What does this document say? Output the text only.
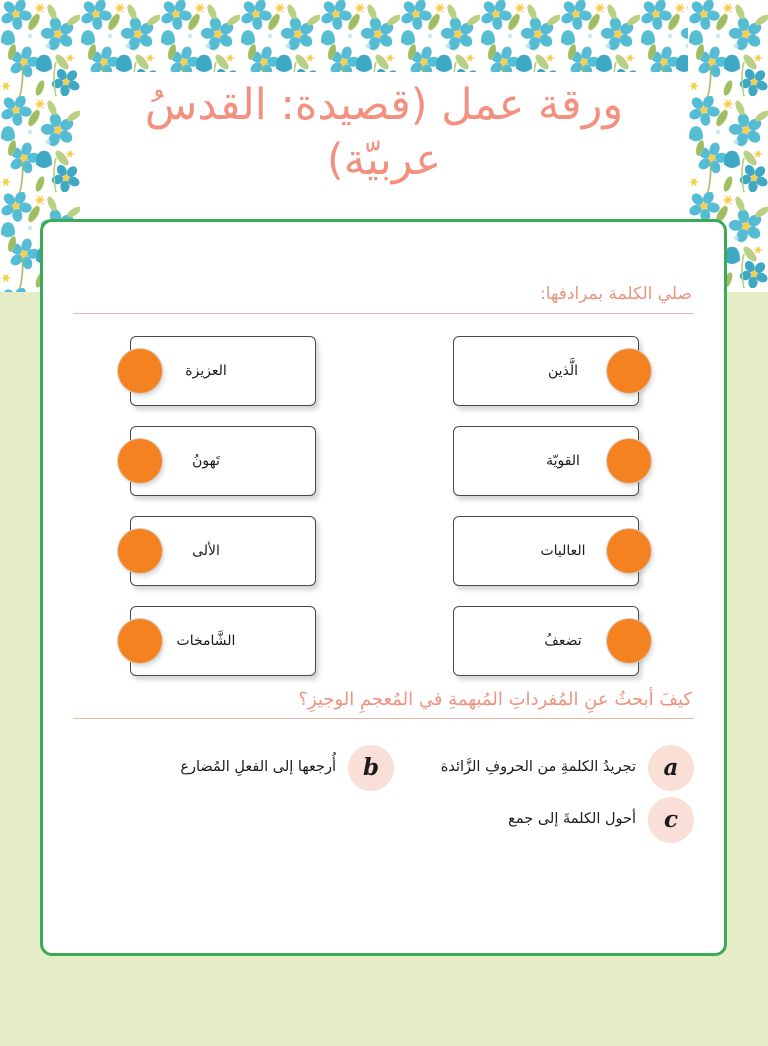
ورقة عمل (قصيدة: القدسُ عربيّة)
صلي الكلمة بمرادفها:
الَّذين
العزيزة
القويّة
تَهونُ
العاليات
الألى
تضعفُ
الشَّامخات
كيفَ أبحثُ عنِ المُفرداتِ المُبهمةِ في المُعجمِ الوجيزِ؟
a
تجريدُ الكلمةِ من الحروفِ الزَّائدة
b
أُرجعها إلى الفعلِ المُضارع
c
أحول الكلمةَ إلى جمع
